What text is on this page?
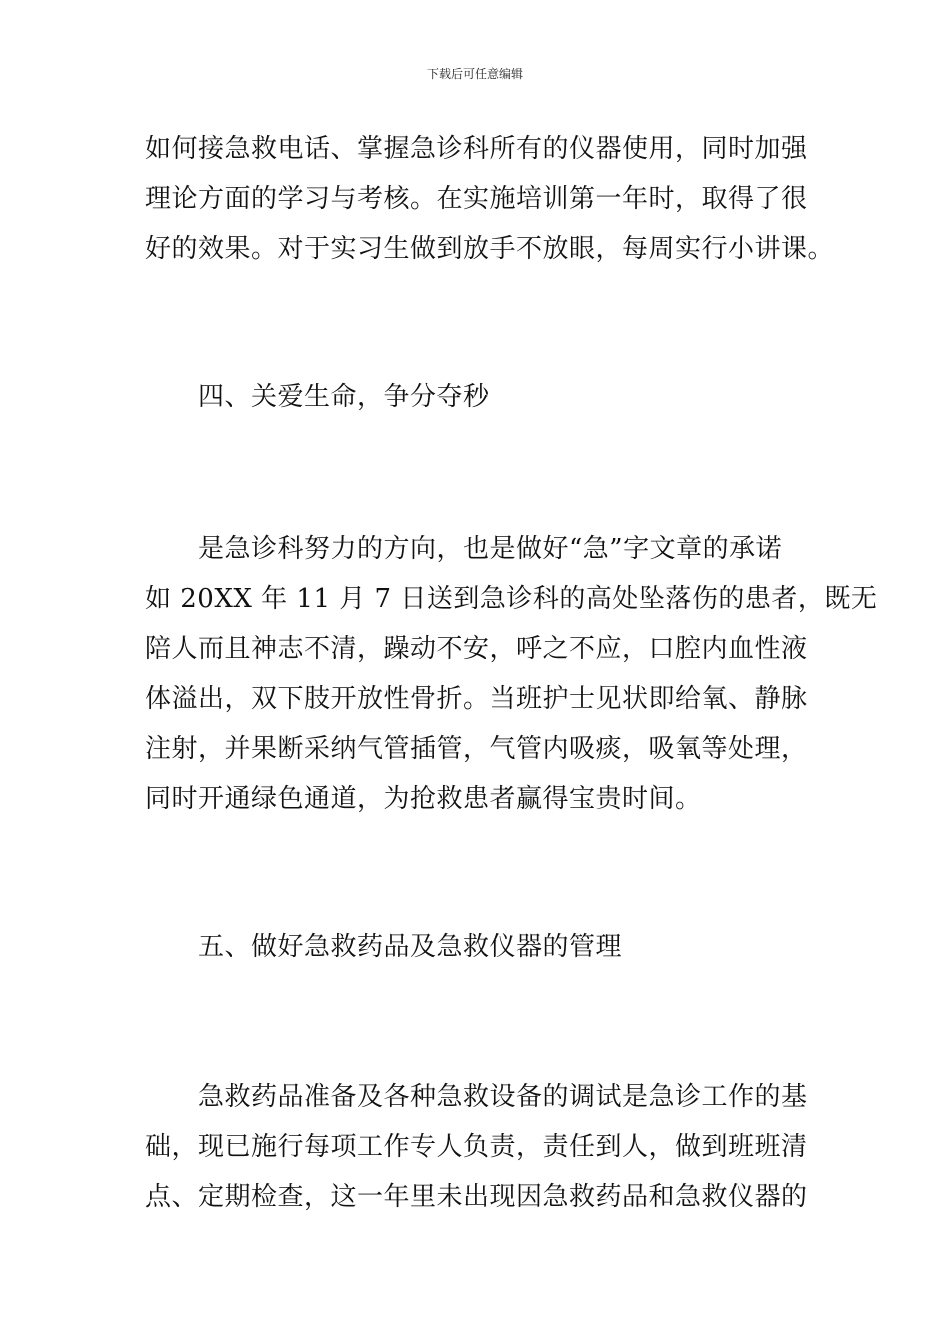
下载后可任意编辑
如何接急救电话、掌握急诊科所有的仪器使用，同时加强
理论方面的学习与考核。在实施培训第一年时，取得了很
好的效果。对于实习生做到放手不放眼，每周实行小讲课。
四、关爱生命，争分夺秒
是急诊科努力的方向，也是做好“急”字文章的承诺
如 20XX 年 11 月 7 日送到急诊科的高处坠落伤的患者，既无
陪人而且神志不清，躁动不安，呼之不应，口腔内血性液
体溢出，双下肢开放性骨折。当班护士见状即给氧、静脉
注射，并果断采纳气管插管，气管内吸痰，吸氧等处理，
同时开通绿色通道，为抢救患者赢得宝贵时间。
五、做好急救药品及急救仪器的管理
急救药品准备及各种急救设备的调试是急诊工作的基
础，现已施行每项工作专人负责，责任到人，做到班班清
点、定期检查，这一年里未出现因急救药品和急救仪器的
